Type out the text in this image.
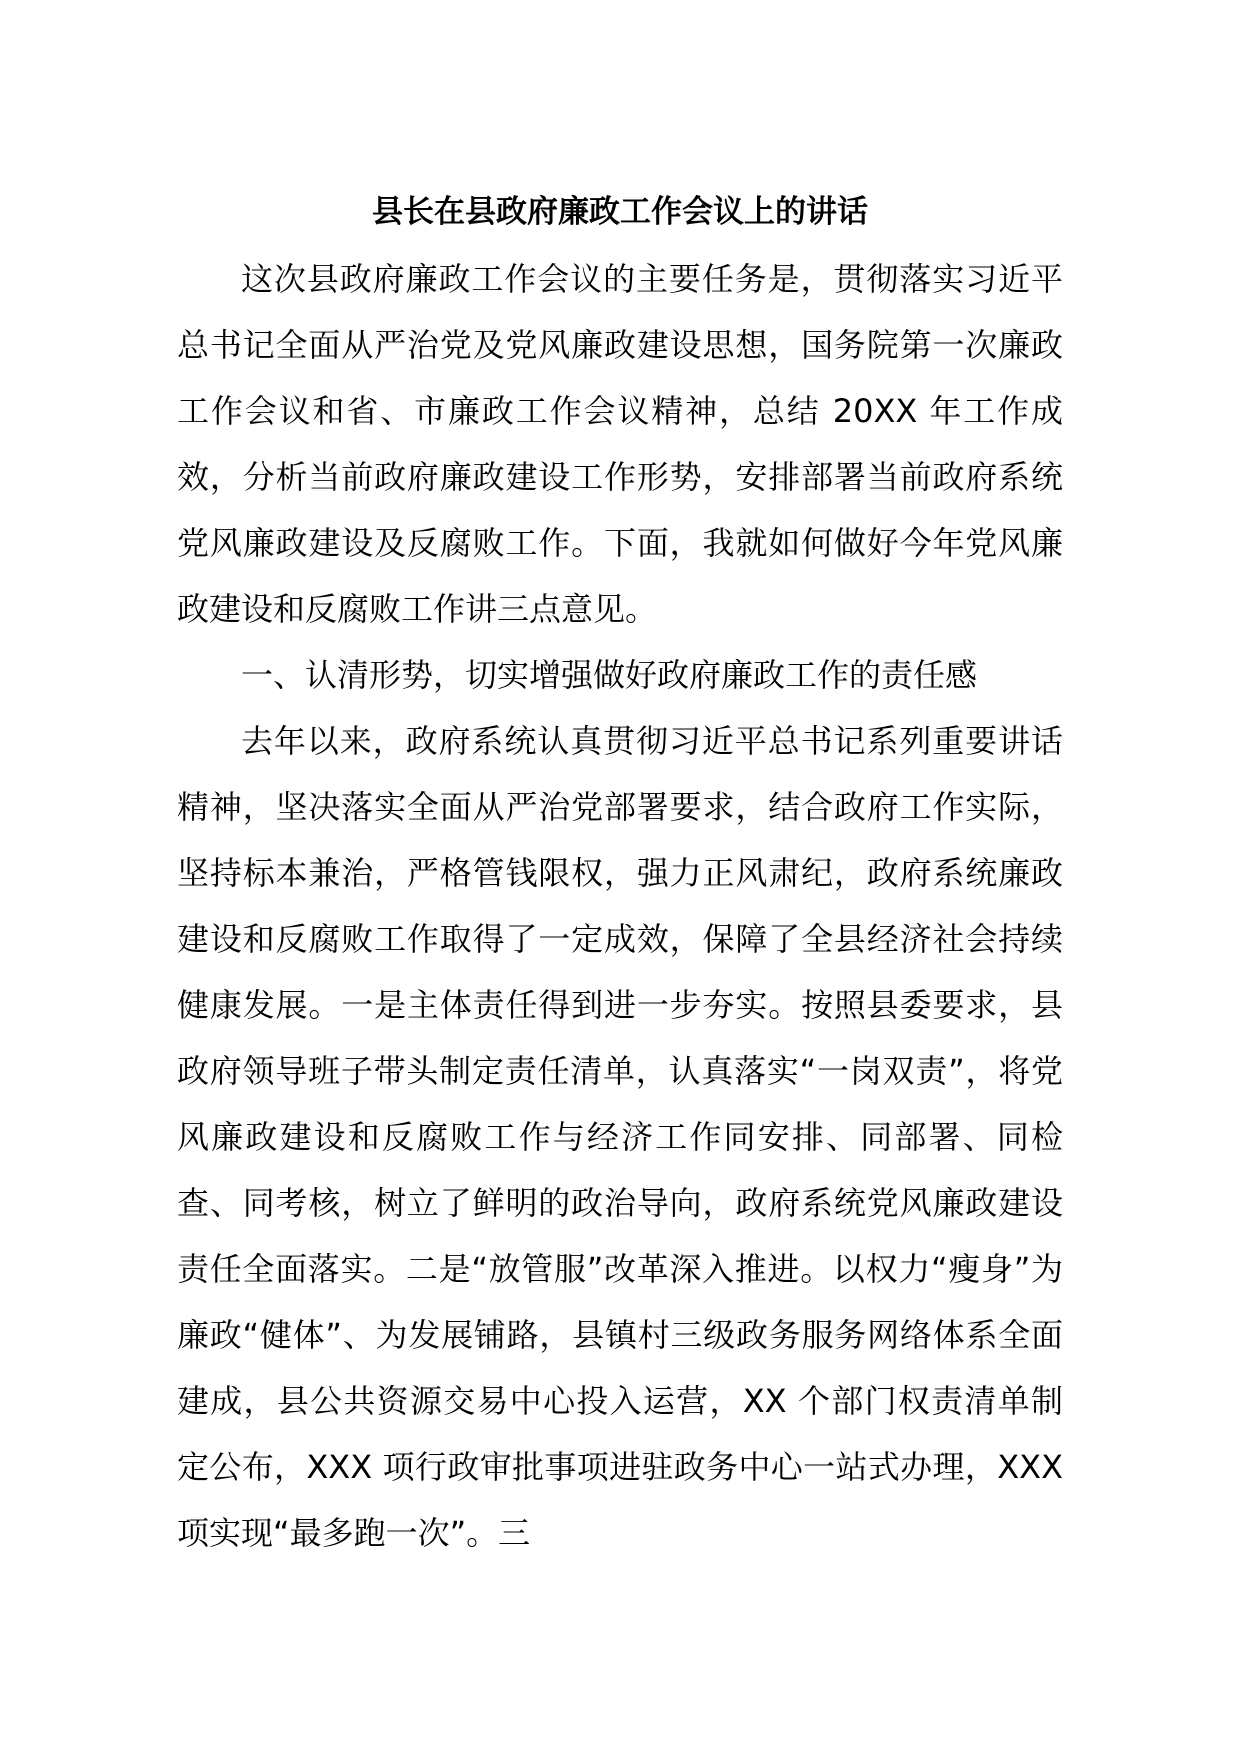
县长在县政府廉政工作会议上的讲话

这次县政府廉政工作会议的主要任务是，贯彻落实习近平总书记全面从严治党及党风廉政建设思想，国务院第一次廉政工作会议和省、市廉政工作会议精神，总结 20XX 年工作成效，分析当前政府廉政建设工作形势，安排部署当前政府系统党风廉政建设及反腐败工作。下面，我就如何做好今年党风廉政建设和反腐败工作讲三点意见。

一、认清形势，切实增强做好政府廉政工作的责任感

去年以来，政府系统认真贯彻习近平总书记系列重要讲话精神，坚决落实全面从严治党部署要求，结合政府工作实际，坚持标本兼治，严格管钱限权，强力正风肃纪，政府系统廉政建设和反腐败工作取得了一定成效，保障了全县经济社会持续健康发展。一是主体责任得到进一步夯实。按照县委要求，县政府领导班子带头制定责任清单，认真落实“一岗双责”，将党风廉政建设和反腐败工作与经济工作同安排、同部署、同检查、同考核，树立了鲜明的政治导向，政府系统党风廉政建设责任全面落实。二是“放管服”改革深入推进。以权力“瘦身”为廉政“健体”、为发展铺路，县镇村三级政务服务网络体系全面建成，县公共资源交易中心投入运营，XX 个部门权责清单制定公布，XXX 项行政审批事项进驻政务中心一站式办理，XXX 项实现“最多跑一次”。三
